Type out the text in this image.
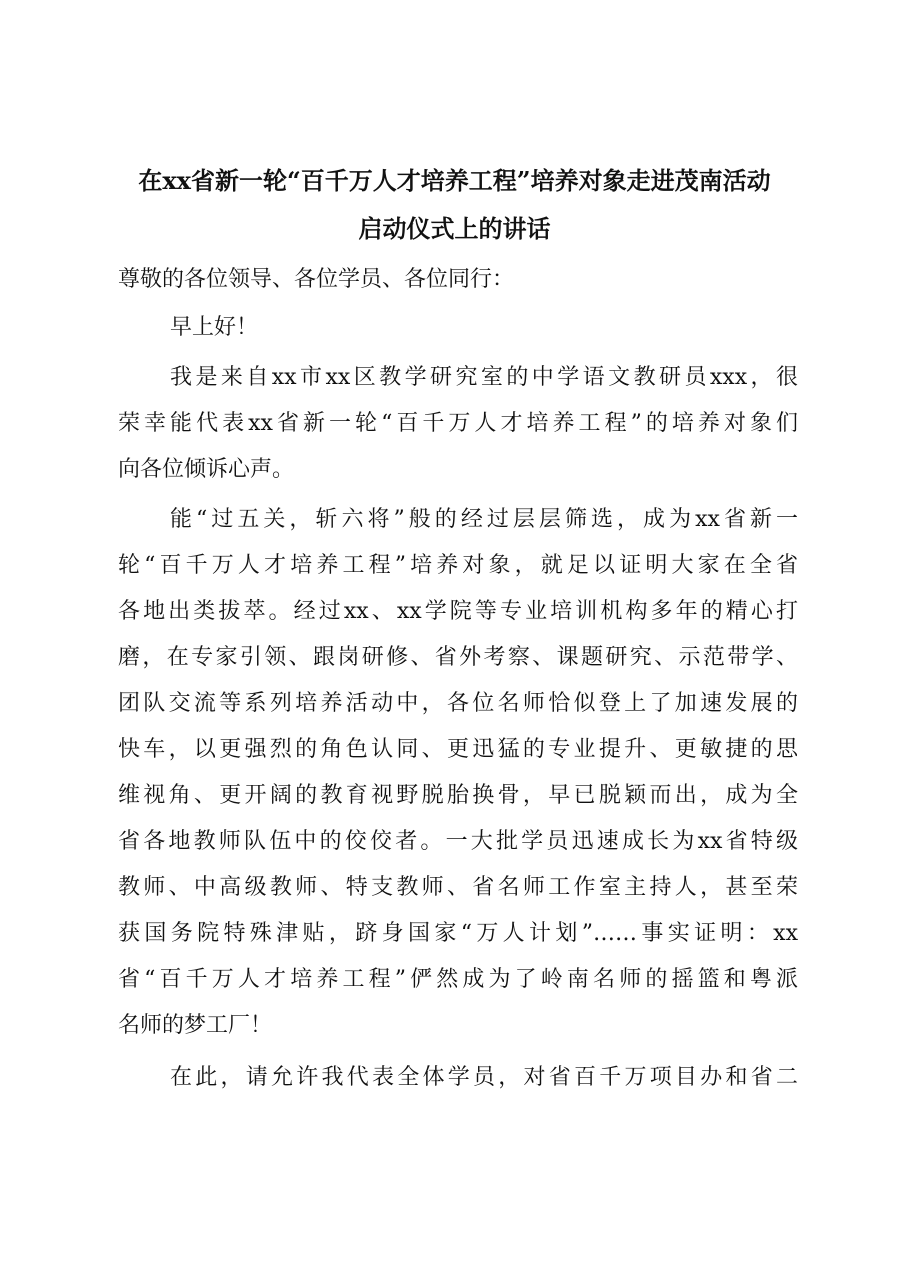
在xx省新一轮“百千万人才培养工程”培养对象走进茂南活动
启动仪式上的讲话
尊敬的各位领导、各位学员、各位同行：
早上好！
我是来自xx市xx区教学研究室的中学语文教研员xxx，很
荣幸能代表xx省新一轮“百千万人才培养工程”的培养对象们
向各位倾诉心声。
能“过五关，斩六将”般的经过层层筛选，成为xx省新一
轮“百千万人才培养工程”培养对象，就足以证明大家在全省
各地出类拔萃。经过xx、xx学院等专业培训机构多年的精心打
磨，在专家引领、跟岗研修、省外考察、课题研究、示范带学、
团队交流等系列培养活动中，各位名师恰似登上了加速发展的
快车，以更强烈的角色认同、更迅猛的专业提升、更敏捷的思
维视角、更开阔的教育视野脱胎换骨，早已脱颖而出，成为全
省各地教师队伍中的佼佼者。一大批学员迅速成长为xx省特级
教师、中高级教师、特支教师、省名师工作室主持人，甚至荣
获国务院特殊津贴，跻身国家“万人计划”……事实证明：xx
省“百千万人才培养工程”俨然成为了岭南名师的摇篮和粤派
名师的梦工厂！
在此，请允许我代表全体学员，对省百千万项目办和省二
